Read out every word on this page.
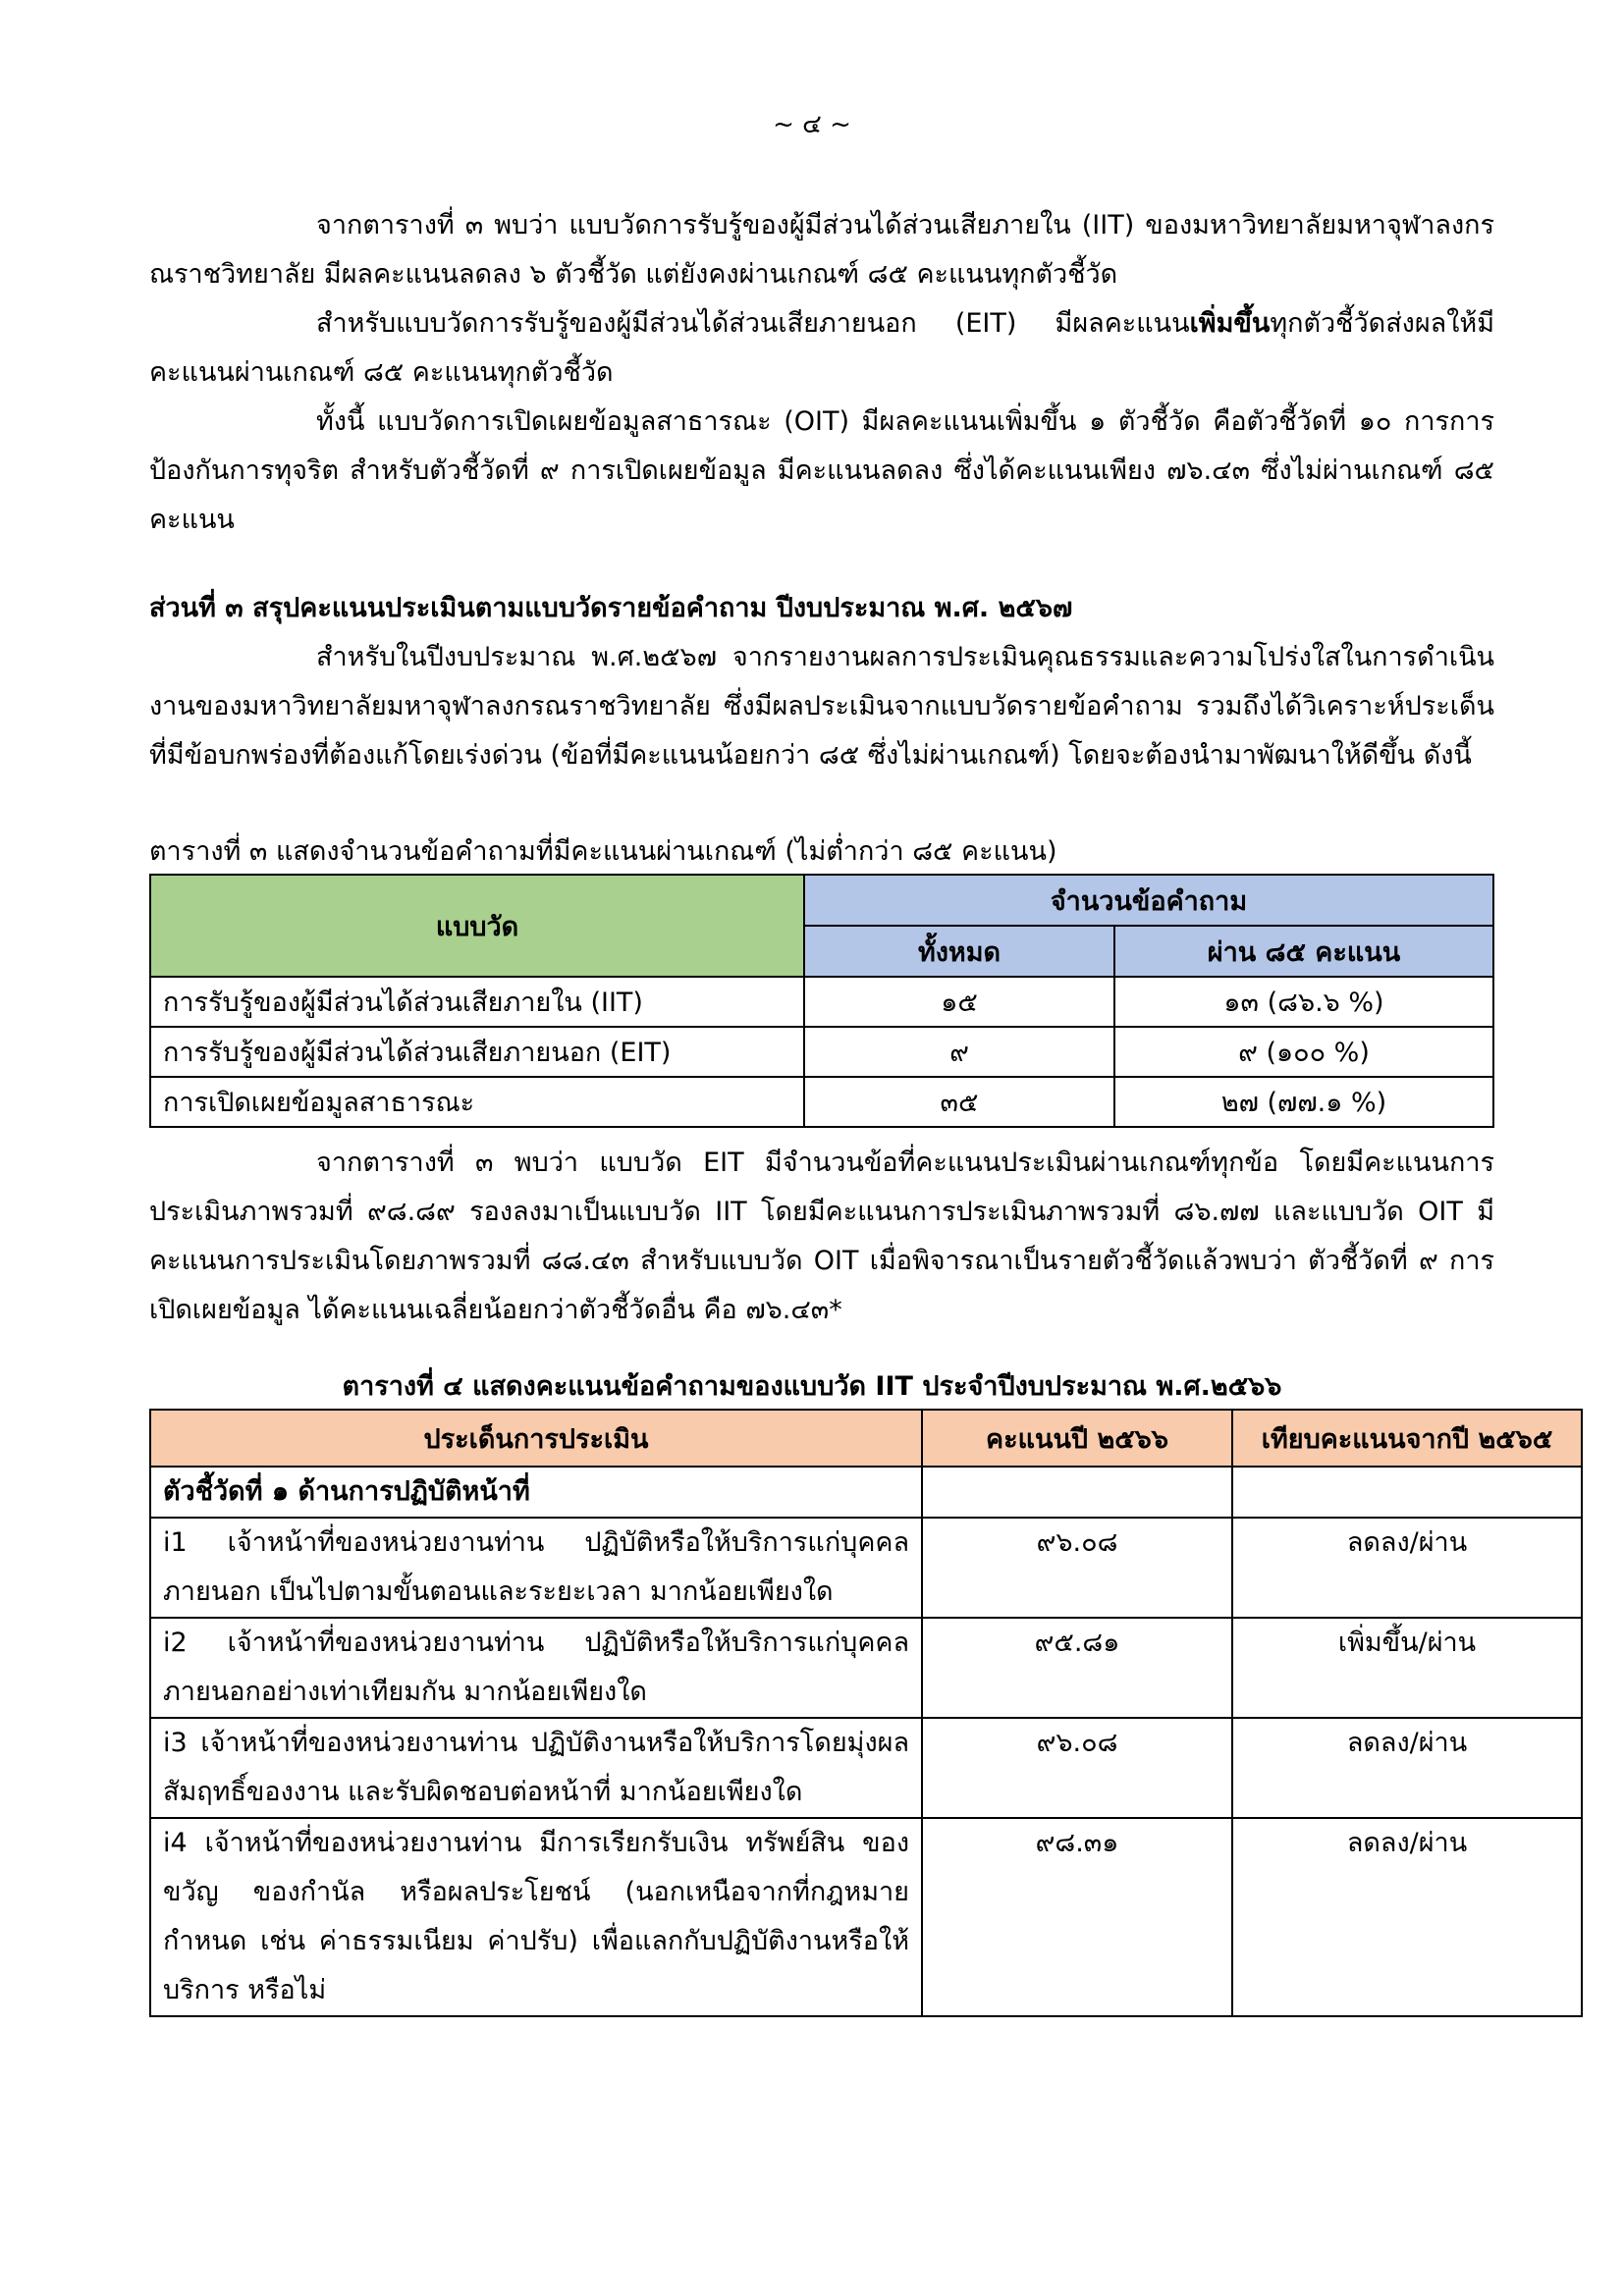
~ ๔ ~

จากตารางที่ ๓ พบว่า แบบวัดการรับรู้ของผู้มีส่วนได้ส่วนเสียภายใน (IIT) ของมหาวิทยาลัยมหาจุฬาลงกรณราชวิทยาลัย มีผลคะแนนลดลง ๖ ตัวชี้วัด แต่ยังคงผ่านเกณฑ์ ๘๕ คะแนนทุกตัวชี้วัด

สำหรับแบบวัดการรับรู้ของผู้มีส่วนได้ส่วนเสียภายนอก (EIT) มีผลคะแนนเพิ่มขึ้นทุกตัวชี้วัดส่งผลให้มีคะแนนผ่านเกณฑ์ ๘๕ คะแนนทุกตัวชี้วัด

ทั้งนี้ แบบวัดการเปิดเผยข้อมูลสาธารณะ (OIT) มีผลคะแนนเพิ่มขึ้น ๑ ตัวชี้วัด คือตัวชี้วัดที่ ๑๐ การการป้องกันการทุจริต สำหรับตัวชี้วัดที่ ๙ การเปิดเผยข้อมูล มีคะแนนลดลง ซึ่งได้คะแนนเพียง ๗๖.๔๓ ซึ่งไม่ผ่านเกณฑ์ ๘๕ คะแนน

ส่วนที่ ๓ สรุปคะแนนประเมินตามแบบวัดรายข้อคำถาม ปีงบประมาณ พ.ศ. ๒๕๖๗

สำหรับในปีงบประมาณ พ.ศ.๒๕๖๗ จากรายงานผลการประเมินคุณธรรมและความโปร่งใสในการดำเนินงานของมหาวิทยาลัยมหาจุฬาลงกรณราชวิทยาลัย ซึ่งมีผลประเมินจากแบบวัดรายข้อคำถาม รวมถึงได้วิเคราะห์ประเด็นที่มีข้อบกพร่องที่ต้องแก้โดยเร่งด่วน (ข้อที่มีคะแนนน้อยกว่า ๘๕ ซึ่งไม่ผ่านเกณฑ์) โดยจะต้องนำมาพัฒนาให้ดีขึ้น ดังนี้

ตารางที่ ๓ แสดงจำนวนข้อคำถามที่มีคะแนนผ่านเกณฑ์ (ไม่ต่ำกว่า ๘๕ คะแนน)
แบบวัด	จำนวนข้อคำถาม	
	ทั้งหมด	ผ่าน ๘๕ คะแนน
การรับรู้ของผู้มีส่วนได้ส่วนเสียภายใน (IIT)	๑๕	๑๓ (๘๖.๖ %)
การรับรู้ของผู้มีส่วนได้ส่วนเสียภายนอก (EIT)	๙	๙ (๑๐๐ %)
การเปิดเผยข้อมูลสาธารณะ	๓๕	๒๗ (๗๗.๑ %)

จากตารางที่ ๓ พบว่า แบบวัด EIT มีจำนวนข้อที่คะแนนประเมินผ่านเกณฑ์ทุกข้อ โดยมีคะแนนการประเมินภาพรวมที่ ๙๘.๘๙ รองลงมาเป็นแบบวัด IIT โดยมีคะแนนการประเมินภาพรวมที่ ๘๖.๗๗ และแบบวัด OIT มีคะแนนการประเมินโดยภาพรวมที่ ๘๘.๔๓ สำหรับแบบวัด OIT เมื่อพิจารณาเป็นรายตัวชี้วัดแล้วพบว่า ตัวชี้วัดที่ ๙ การเปิดเผยข้อมูล ได้คะแนนเฉลี่ยน้อยกว่าตัวชี้วัดอื่น คือ ๗๖.๔๓*

ตารางที่ ๔ แสดงคะแนนข้อคำถามของแบบวัด IIT ประจำปีงบประมาณ พ.ศ.๒๕๖๖
ประเด็นการประเมิน	คะแนนปี ๒๕๖๖	เทียบคะแนนจากปี ๒๕๖๕
ตัวชี้วัดที่ ๑ ด้านการปฏิบัติหน้าที่		
i1 เจ้าหน้าที่ของหน่วยงานท่าน ปฏิบัติหรือให้บริการแก่บุคคลภายนอก เป็นไปตามขั้นตอนและระยะเวลา มากน้อยเพียงใด	๙๖.๐๘	ลดลง/ผ่าน
i2 เจ้าหน้าที่ของหน่วยงานท่าน ปฏิบัติหรือให้บริการแก่บุคคลภายนอกอย่างเท่าเทียมกัน มากน้อยเพียงใด	๙๕.๘๑	เพิ่มขึ้น/ผ่าน
i3 เจ้าหน้าที่ของหน่วยงานท่าน ปฏิบัติงานหรือให้บริการโดยมุ่งผลสัมฤทธิ์ของงาน และรับผิดชอบต่อหน้าที่ มากน้อยเพียงใด	๙๖.๐๘	ลดลง/ผ่าน
i4 เจ้าหน้าที่ของหน่วยงานท่าน มีการเรียกรับเงิน ทรัพย์สิน ของขวัญ ของกำนัล หรือผลประโยชน์ (นอกเหนือจากที่กฎหมายกำหนด เช่น ค่าธรรมเนียม ค่าปรับ) เพื่อแลกกับปฏิบัติงานหรือให้บริการ หรือไม่	๙๘.๓๑	ลดลง/ผ่าน
